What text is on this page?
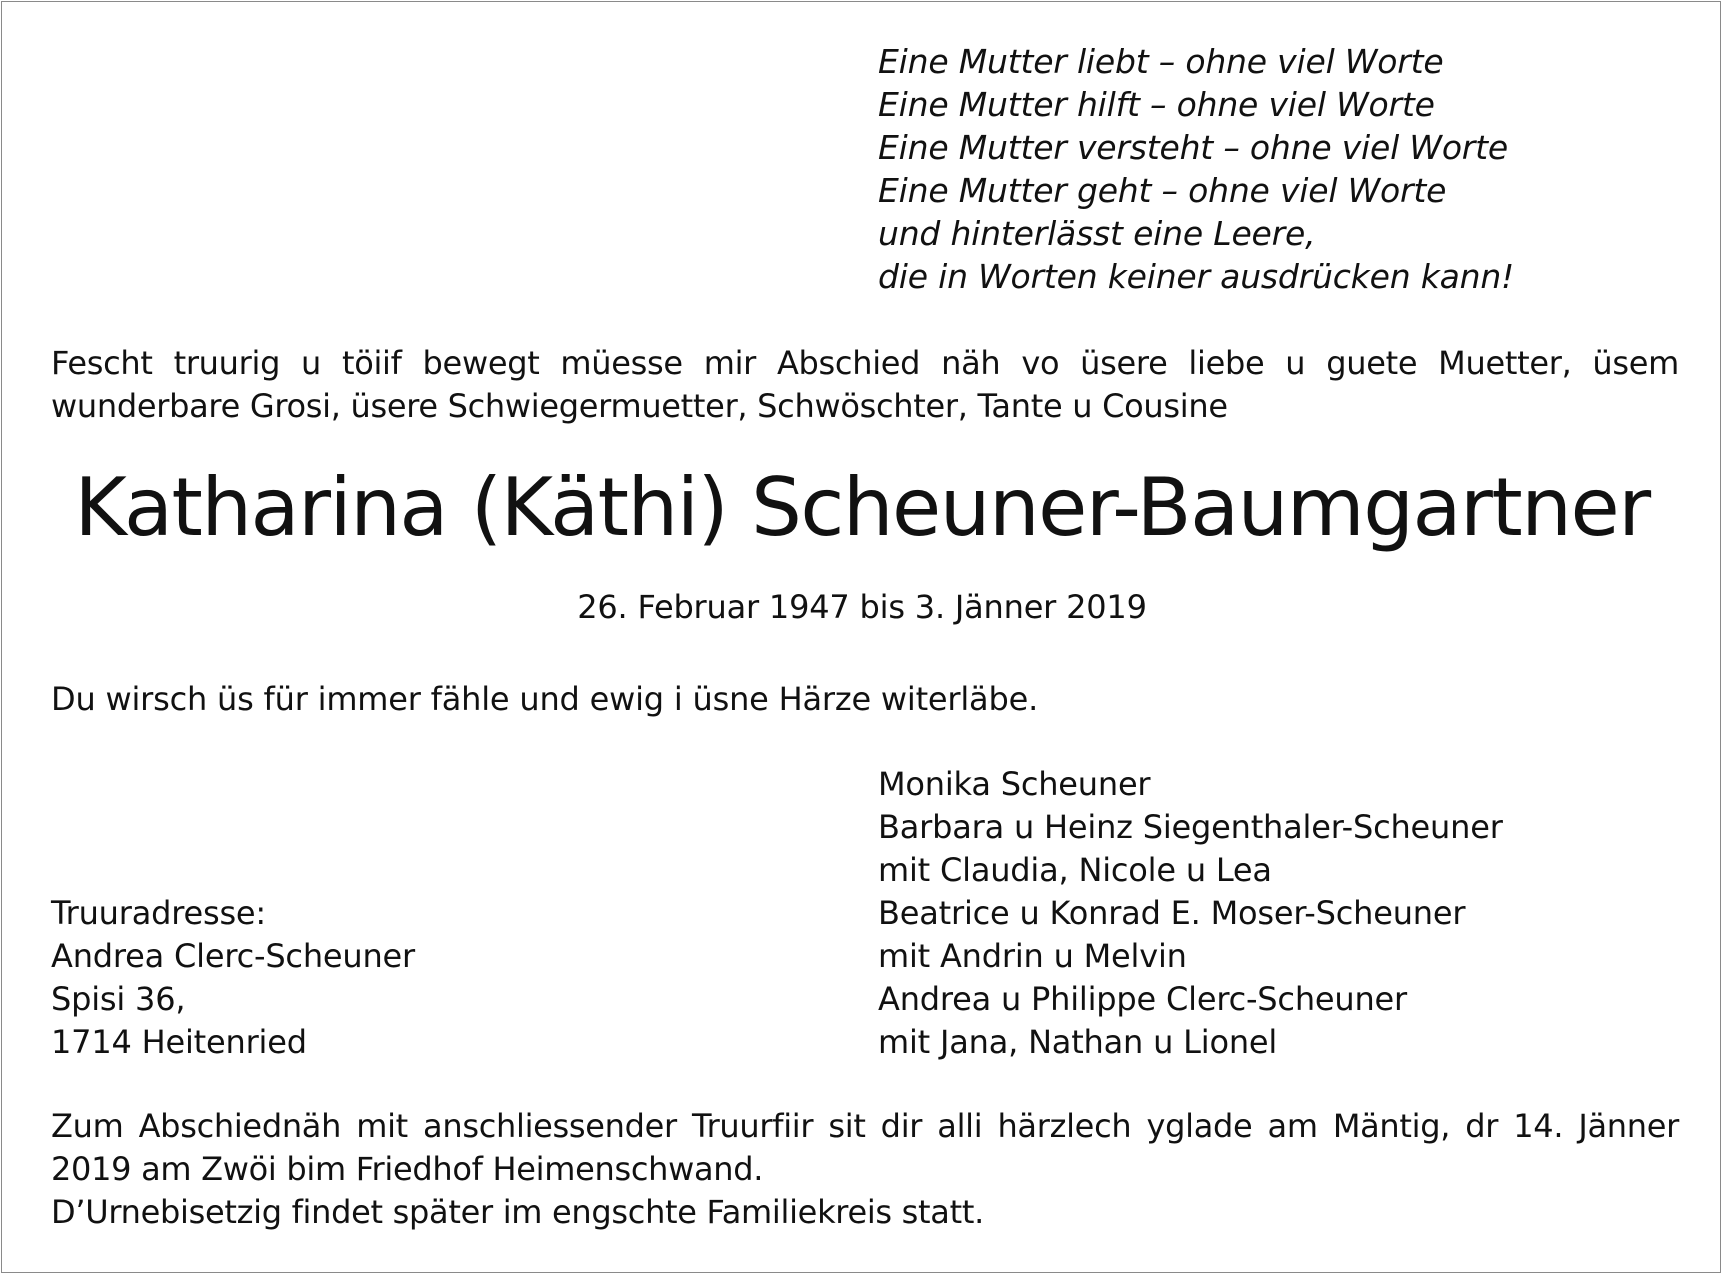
Eine Mutter liebt – ohne viel Worte
Eine Mutter hilft – ohne viel Worte
Eine Mutter versteht – ohne viel Worte
Eine Mutter geht – ohne viel Worte
und hinterlässt eine Leere,
die in Worten keiner ausdrücken kann!
Fescht truurig u töiif bewegt müesse mir Abschied näh vo üsere liebe u guete Muetter, üsem wunderbare Grosi, üsere Schwiegermuetter, Schwöschter, Tante u Cousine
Katharina (Käthi) Scheuner-Baumgartner
26. Februar 1947 bis 3. Jänner 2019
Du wirsch üs für immer fähle und ewig i üsne Härze witerläbe.
Truuradresse:
Andrea Clerc-Scheuner
Spisi 36,
1714 Heitenried
Monika Scheuner
Barbara u Heinz Siegenthaler-Scheuner
mit Claudia, Nicole u Lea
Beatrice u Konrad E. Moser-Scheuner
mit Andrin u Melvin
Andrea u Philippe Clerc-Scheuner
mit Jana, Nathan u Lionel
Zum Abschiednäh mit anschliessender Truurfiir sit dir alli härzlech yglade am Mäntig, dr 14. Jänner 2019 am Zwöi bim Friedhof Heimenschwand.
D’Urnebisetzig findet später im engschte Familiekreis statt.
